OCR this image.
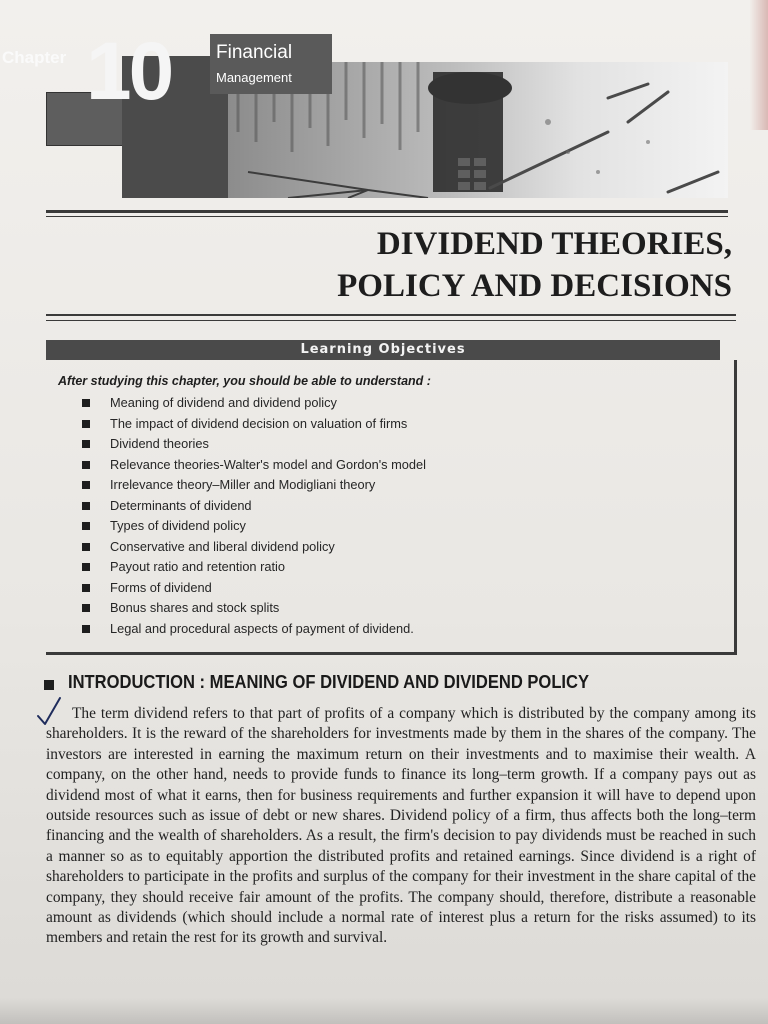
Chapter 10	Financial
Management
DIVIDEND THEORIES,
POLICY AND DECISIONS
Learning Objectives
After studying this chapter, you should be able to understand :
Meaning of dividend and dividend policy
The impact of dividend decision on valuation of firms
Dividend theories
Relevance theories-Walter's model and Gordon's model
Irrelevance theory–Miller and Modigliani theory
Determinants of dividend
Types of dividend policy
Conservative and liberal dividend policy
Payout ratio and retention ratio
Forms of dividend
Bonus shares and stock splits
Legal and procedural aspects of payment of dividend.
INTRODUCTION : MEANING OF DIVIDEND AND DIVIDEND POLICY

The term dividend refers to that part of profits of a company which is distributed by the company among its shareholders. It is the reward of the shareholders for investments made by them in the shares of the company. The investors are interested in earning the maximum return on their investments and to maximise their wealth. A company, on the other hand, needs to provide funds to finance its long–term growth. If a company pays out as dividend most of what it earns, then for business requirements and further expansion it will have to depend upon outside resources such as issue of debt or new shares. Dividend policy of a firm, thus affects both the long–term financing and the wealth of shareholders. As a result, the firm's decision to pay dividends must be reached in such a manner so as to equitably apportion the distributed profits and retained earnings. Since dividend is a right of shareholders to participate in the profits and surplus of the company for their investment in the share capital of the company, they should receive fair amount of the profits. The company should, therefore, distribute a reasonable amount as dividends (which should include a normal rate of interest plus a return for the risks assumed) to its members and retain the rest for its growth and survival.
